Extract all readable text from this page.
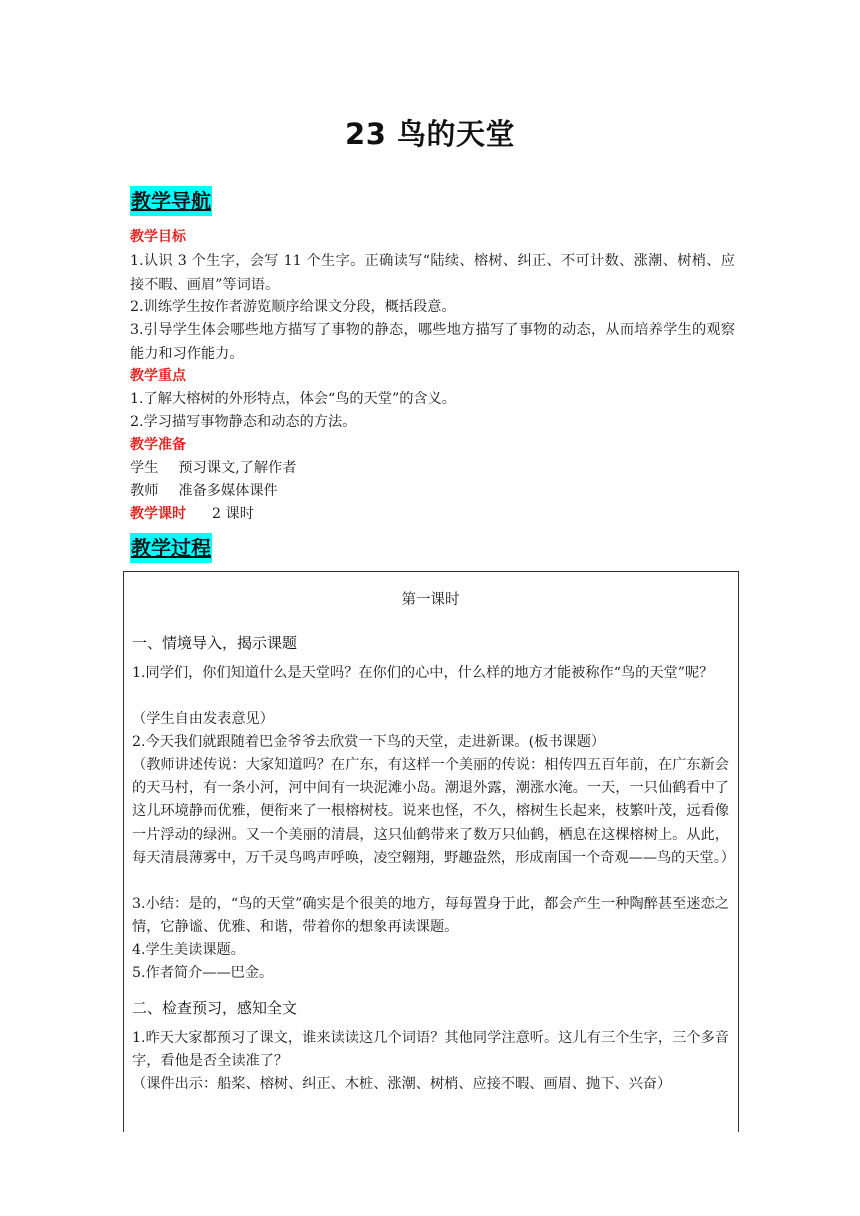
23 鸟的天堂
教学导航
教学目标
1.认识 3 个生字，会写 11 个生字。正确读写“陆续、榕树、纠正、不可计数、涨潮、树梢、应接不暇、画眉”等词语。
2.训练学生按作者游览顺序给课文分段，概括段意。
3.引导学生体会哪些地方描写了事物的静态，哪些地方描写了事物的动态，从而培养学生的观察能力和习作能力。
教学重点
1.了解大榕树的外形特点，体会“鸟的天堂”的含义。
2.学习描写事物静态和动态的方法。
教学准备
学生 预习课文,了解作者
教师 准备多媒体课件
教学课时 2 课时
教学过程
第一课时
一、情境导入，揭示课题
1.同学们，你们知道什么是天堂吗？在你们的心中，什么样的地方才能被称作“鸟的天堂”呢？
（学生自由发表意见）
2.今天我们就跟随着巴金爷爷去欣赏一下鸟的天堂，走进新课。(板书课题）
（教师讲述传说：大家知道吗？在广东，有这样一个美丽的传说：相传四五百年前，在广东新会的天马村，有一条小河，河中间有一块泥滩小岛。潮退外露，潮涨水淹。一天，一只仙鹤看中了这儿环境静而优雅，便衔来了一根榕树枝。说来也怪，不久，榕树生长起来，枝繁叶茂，远看像一片浮动的绿洲。又一个美丽的清晨，这只仙鹤带来了数万只仙鹤，栖息在这棵榕树上。从此，每天清晨薄雾中，万千灵鸟鸣声呼唤，凌空翱翔，野趣盎然，形成南国一个奇观——鸟的天堂。）
3.小结：是的，“鸟的天堂”确实是个很美的地方，每每置身于此，都会产生一种陶醉甚至迷恋之情，它静谧、优雅、和谐，带着你的想象再读课题。
4.学生美读课题。
5.作者简介——巴金。
二、检查预习，感知全文
1.昨天大家都预习了课文，谁来读读这几个词语？其他同学注意听。这儿有三个生字，三个多音字，看他是否全读准了？
（课件出示：船桨、榕树、纠正、木桩、涨潮、树梢、应接不暇、画眉、抛下、兴奋）
